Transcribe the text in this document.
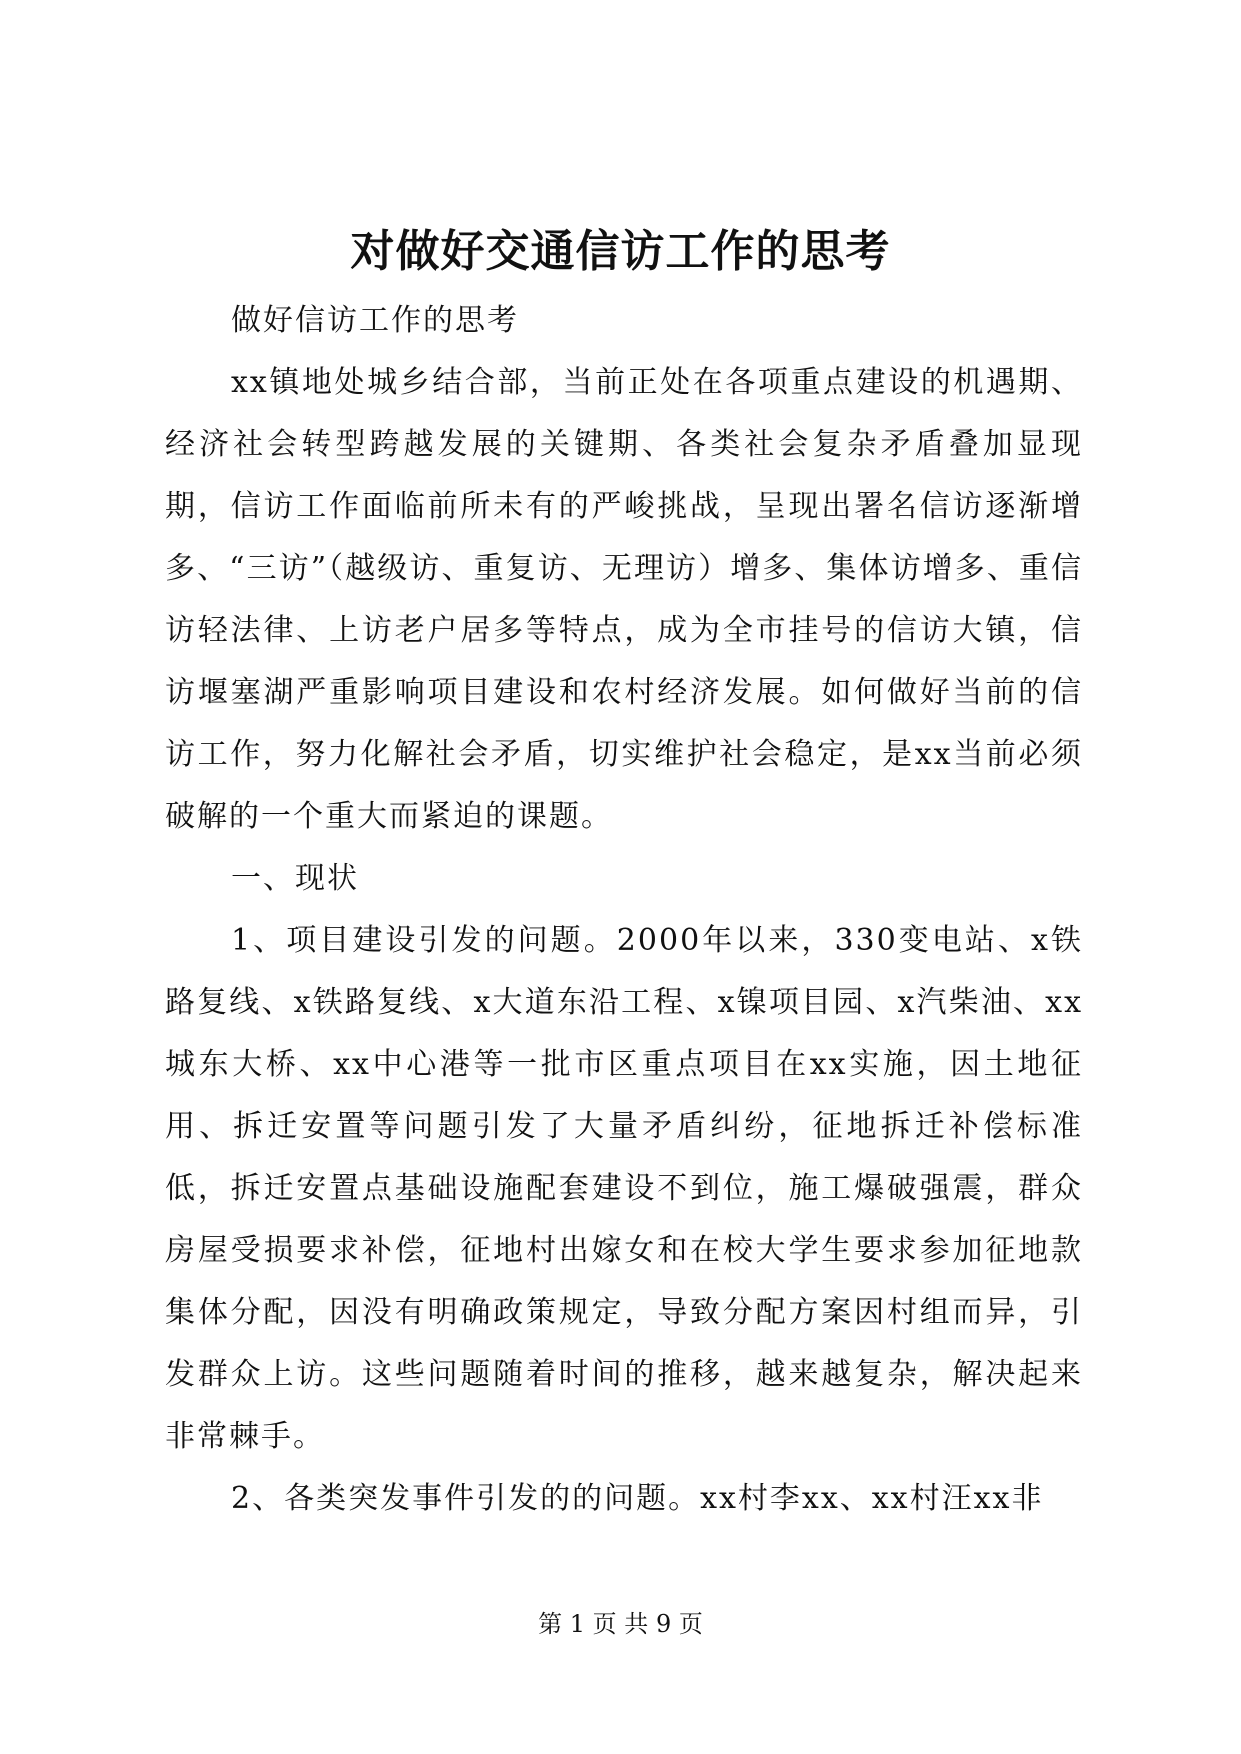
对做好交通信访工作的思考

做好信访工作的思考

xx镇地处城乡结合部，当前正处在各项重点建设的机遇期、经济社会转型跨越发展的关键期、各类社会复杂矛盾叠加显现期，信访工作面临前所未有的严峻挑战，呈现出署名信访逐渐增多、“三访”（越级访、重复访、无理访）增多、集体访增多、重信访轻法律、上访老户居多等特点，成为全市挂号的信访大镇，信访堰塞湖严重影响项目建设和农村经济发展。如何做好当前的信访工作，努力化解社会矛盾，切实维护社会稳定，是xx当前必须破解的一个重大而紧迫的课题。

一、现状

1、项目建设引发的问题。2000年以来，330变电站、x铁路复线、x铁路复线、x大道东沿工程、x镍项目园、x汽柴油、xx城东大桥、xx中心港等一批市区重点项目在xx实施，因土地征用、拆迁安置等问题引发了大量矛盾纠纷，征地拆迁补偿标准低，拆迁安置点基础设施配套建设不到位，施工爆破强震，群众房屋受损要求补偿，征地村出嫁女和在校大学生要求参加征地款集体分配，因没有明确政策规定，导致分配方案因村组而异，引发群众上访。这些问题随着时间的推移，越来越复杂，解决起来非常棘手。

2、各类突发事件引发的的问题。xx村李xx、xx村汪xx非

第 1 页 共 9 页
